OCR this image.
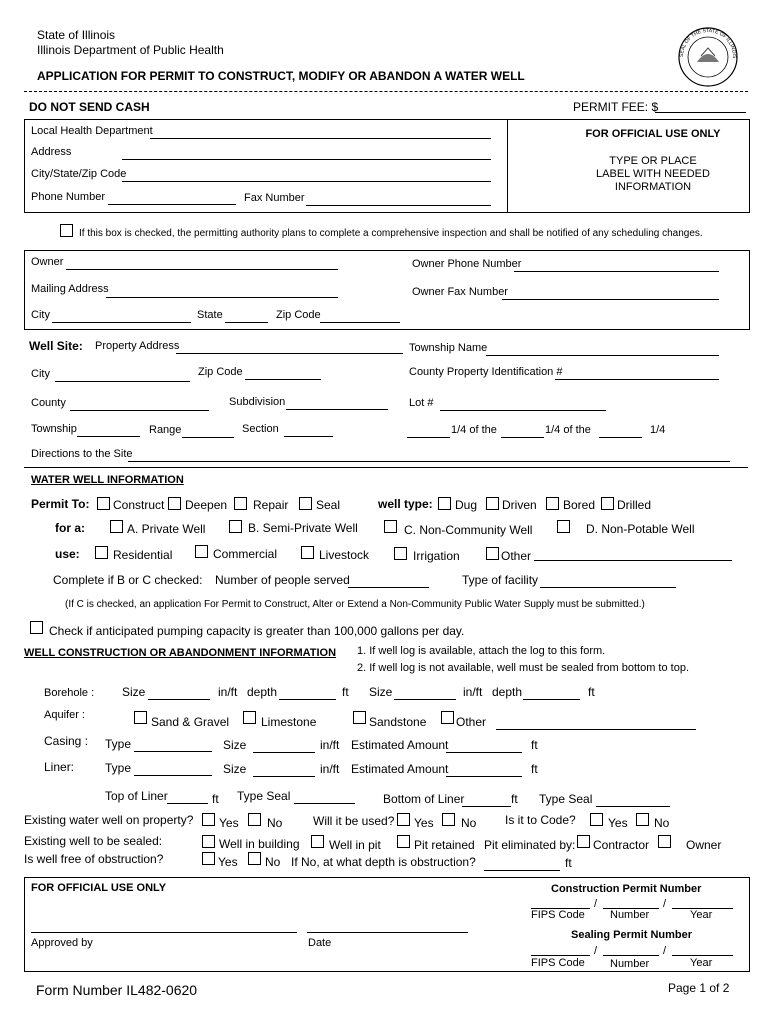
State of Illinois
Illinois Department of Public Health
APPLICATION FOR PERMIT TO CONSTRUCT, MODIFY OR ABANDON A WATER WELL
SEAL OF THE STATE OF ILLINOIS
DO NOT SEND CASH	PERMIT FEE: $
Local Health Department
Address
City/State/Zip Code
Phone Number	Fax Number
FOR OFFICIAL USE ONLY
TYPE OR PLACE
LABEL WITH NEEDED
INFORMATION
If this box is checked, the permitting authority plans to complete a comprehensive inspection and shall be notified of any scheduling changes.
Owner	Owner Phone Number
Mailing Address	Owner Fax Number
City	State	Zip Code
Well Site: Property Address	Township Name
City	Zip Code	County Property Identification #
County	Subdivision	Lot #
Township	Range	Section	1/4 of the	1/4 of the	1/4
Directions to the Site
WATER WELL INFORMATION
Permit To: Construct Deepen Repair Seal	well type: Dug Driven Bored Drilled
for a:	A. Private Well	B. Semi-Private Well	C. Non-Community Well	D. Non-Potable Well
use:	Residential	Commercial	Livestock	Irrigation	Other
Complete if B or C checked: Number of people served	Type of facility
(If C is checked, an application For Permit to Construct, Alter or Extend a Non-Community Public Water Supply must be submitted.)
Check if anticipated pumping capacity is greater than 100,000 gallons per day.
WELL CONSTRUCTION OR ABANDONMENT INFORMATION 1. If well log is available, attach the log to this form.
2. If well log is not available, well must be sealed from bottom to top.
Borehole : Size	in/ft depth	ft Size	in/ft depth	ft
Aquifer :	Sand & Gravel	Limestone	Sandstone Other
Casing : Type	Size	in/ft Estimated Amount	ft
Liner:	Type	Size	in/ft Estimated Amount	ft
Top of Liner	ft Type Seal	Bottom of Liner	ft Type Seal
Existing water well on property? Yes No	Will it be used? Yes No Is it to Code?	Yes No
Existing well to be sealed:	Well in building Well in pit	Pit retained Pit eliminated by: Contractor	Owner
Is well free of obstruction?	Yes No If No, at what depth is obstruction?	ft
FOR OFFICIAL USE ONLY
Approved by	Date
Construction Permit Number
/	/
FIPS Code Number	Year
Sealing Permit Number
/	/
FIPS Code Number	Year
Form Number IL482-0620	Page 1 of 2
